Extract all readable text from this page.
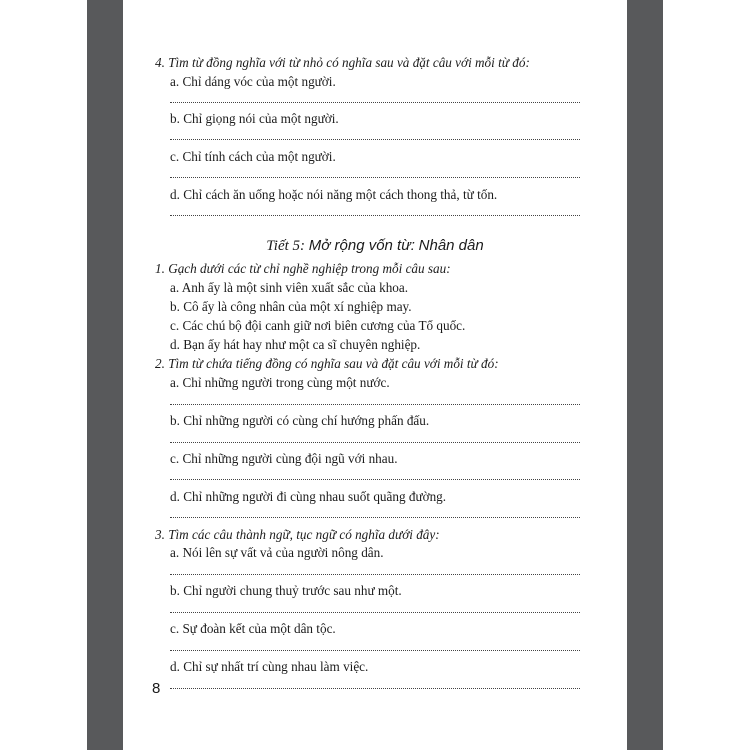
4. Tìm từ đồng nghĩa với từ nhỏ có nghĩa sau và đặt câu với mỗi từ đó:
a. Chỉ dáng vóc của một người.
b. Chỉ giọng nói của một người.
c. Chỉ tính cách của một người.
d. Chỉ cách ăn uống hoặc nói năng một cách thong thả, từ tốn.
Tiết 5: Mở rộng vốn từ: Nhân dân
1. Gạch dưới các từ chỉ nghề nghiệp trong mỗi câu sau:
a. Anh ấy là một sinh viên xuất sắc của khoa.
b. Cô ấy là công nhân của một xí nghiệp may.
c. Các chú bộ đội canh giữ nơi biên cương của Tổ quốc.
d. Bạn ấy hát hay như một ca sĩ chuyên nghiệp.
2. Tìm từ chứa tiếng đồng có nghĩa sau và đặt câu với mỗi từ đó:
a. Chỉ những người trong cùng một nước.
b. Chỉ những người có cùng chí hướng phấn đấu.
c. Chỉ những người cùng đội ngũ với nhau.
d. Chỉ những người đi cùng nhau suốt quãng đường.
3. Tìm các câu thành ngữ, tục ngữ có nghĩa dưới đây:
a. Nói lên sự vất vả của người nông dân.
b. Chỉ người chung thuỷ trước sau như một.
c. Sự đoàn kết của một dân tộc.
d. Chỉ sự nhất trí cùng nhau làm việc.
8
